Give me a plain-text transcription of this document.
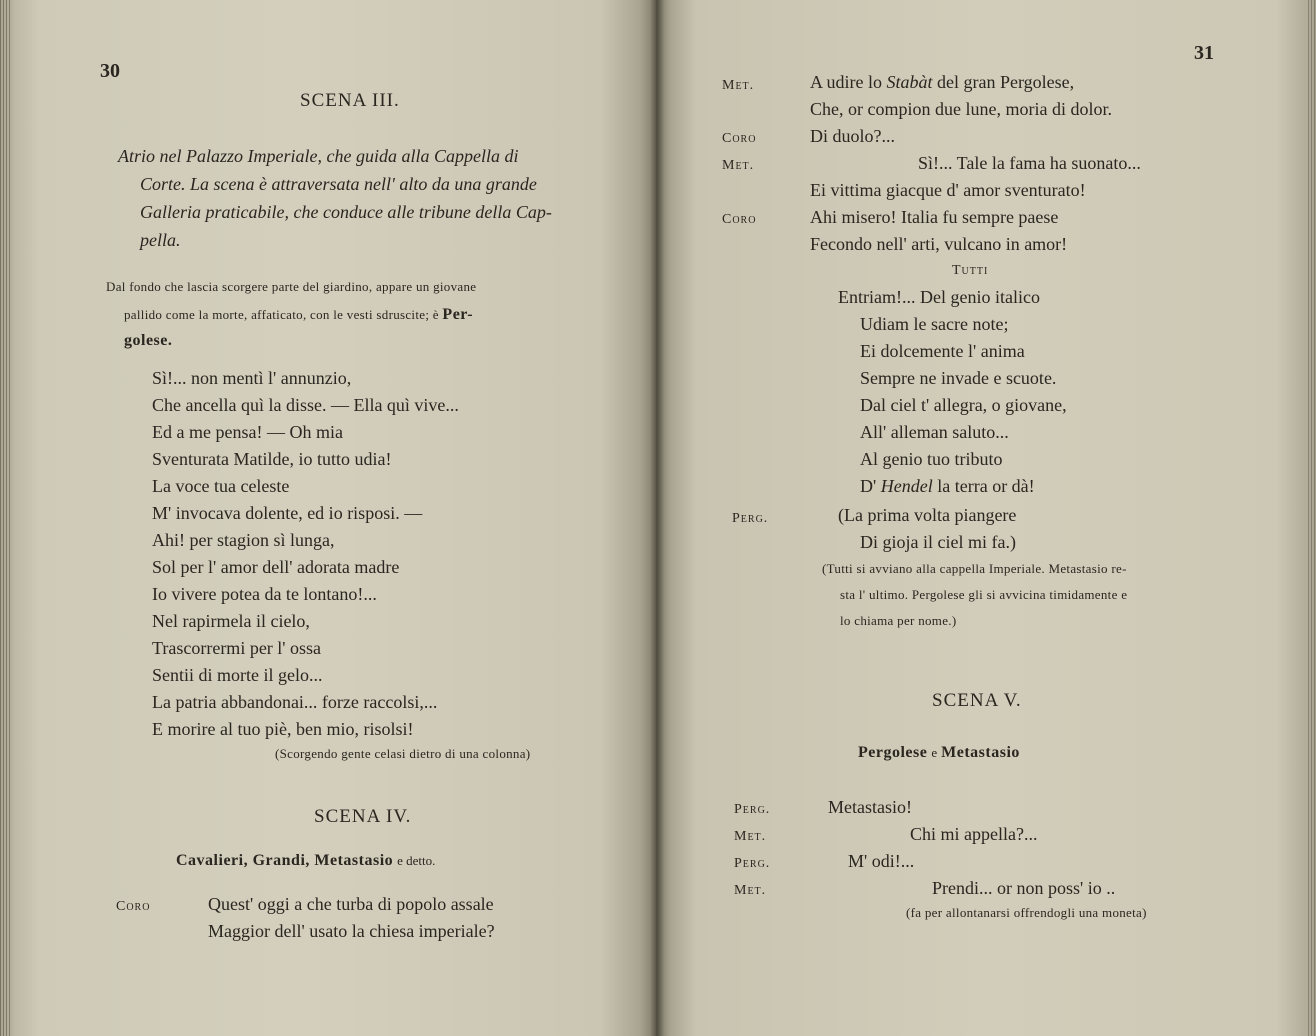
30
SCENA III.
Atrio nel Palazzo Imperiale, che guida alla Cappella di
Corte. La scena è attraversata nell' alto da una grande
Galleria praticabile, che conduce alle tribune della Cap-
pella.
Dal fondo che lascia scorgere parte del giardino, appare un giovane
pallido come la morte, affaticato, con le vesti sdruscite; è Per-
golese.
Sì!... non mentì l' annunzio,
Che ancella quì la disse. — Ella quì vive...
Ed a me pensa! — Oh mia
Sventurata Matilde, io tutto udia!
La voce tua celeste
M' invocava dolente, ed io risposi. —
Ahi! per stagion sì lunga,
Sol per l' amor dell' adorata madre
Io vivere potea da te lontano!...
Nel rapirmela il cielo,
Trascorrermi per l' ossa
Sentii di morte il gelo...
La patria abbandonai... forze raccolsi,...
E morire al tuo piè, ben mio, risolsi!
(Scorgendo gente celasi dietro di una colonna)
SCENA IV.
Cavalieri, Grandi, Metastasio e detto.
Coro	Quest' oggi a che turba di popolo assale
Maggior dell' usato la chiesa imperiale?
31
Met.	A udire lo Stabàt del gran Pergolese,
Che, or compion due lune, moria di dolor.
Coro	Di duolo?...
Met.	Sì!... Tale la fama ha suonato...
Ei vittima giacque d' amor sventurato!
Coro	Ahi misero! Italia fu sempre paese
Fecondo nell' arti, vulcano in amor!
Tutti
Entriam!... Del genio italico
Udiam le sacre note;
Ei dolcemente l' anima
Sempre ne invade e scuote.
Dal ciel t' allegra, o giovane,
All' alleman saluto...
Al genio tuo tributo
D' Hendel la terra or dà!
Perg.	(La prima volta piangere
Di gioja il ciel mi fa.)
(Tutti si avviano alla cappella Imperiale. Metastasio re-
sta l' ultimo. Pergolese gli si avvicina timidamente e
lo chiama per nome.)
SCENA V.
Pergolese e Metastasio
Perg.	Metastasio!
Met.	Chi mi appella?...
Perg.	M' odi!...
Met.	Prendi... or non poss' io ..
(fa per allontanarsi offrendogli una moneta)
